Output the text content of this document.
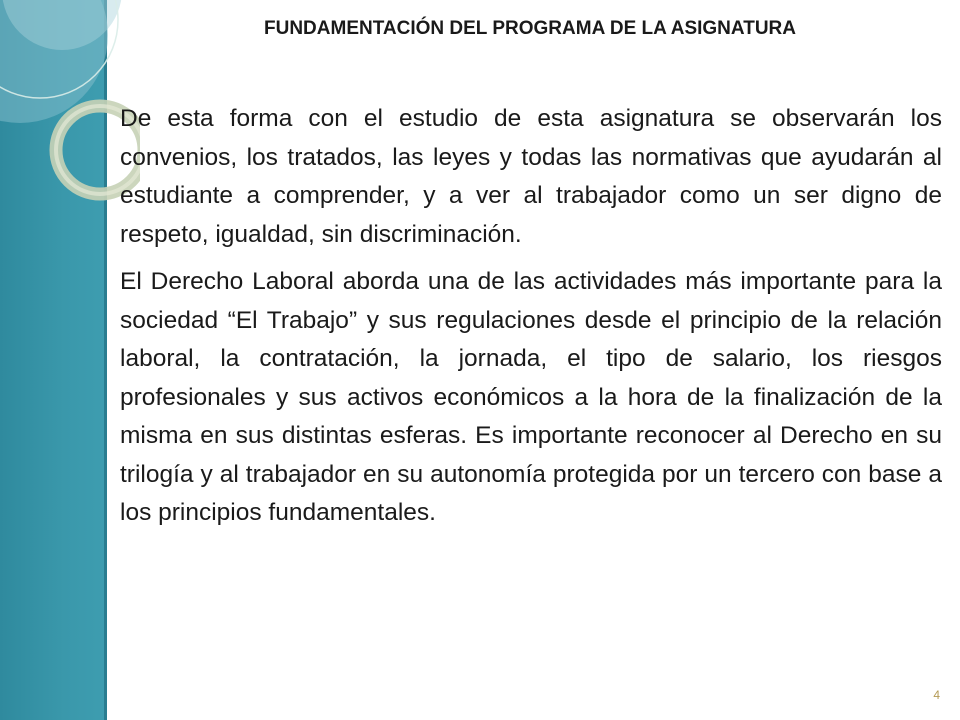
FUNDAMENTACIÓN DEL PROGRAMA DE LA ASIGNATURA

De esta forma con el estudio de esta asignatura se observarán los convenios, los tratados, las leyes y todas las normativas que ayudarán al estudiante a comprender, y a ver al trabajador como un ser digno de respeto, igualdad, sin discriminación.

El Derecho Laboral aborda una de las actividades más importante para la sociedad “El Trabajo” y sus regulaciones desde el principio de la relación laboral, la contratación, la jornada, el tipo de salario, los riesgos profesionales y sus activos económicos a la hora de la finalización de la misma en sus distintas esferas. Es importante reconocer al Derecho en su trilogía y al trabajador en su autonomía protegida por un tercero con base a los principios fundamentales.

4
